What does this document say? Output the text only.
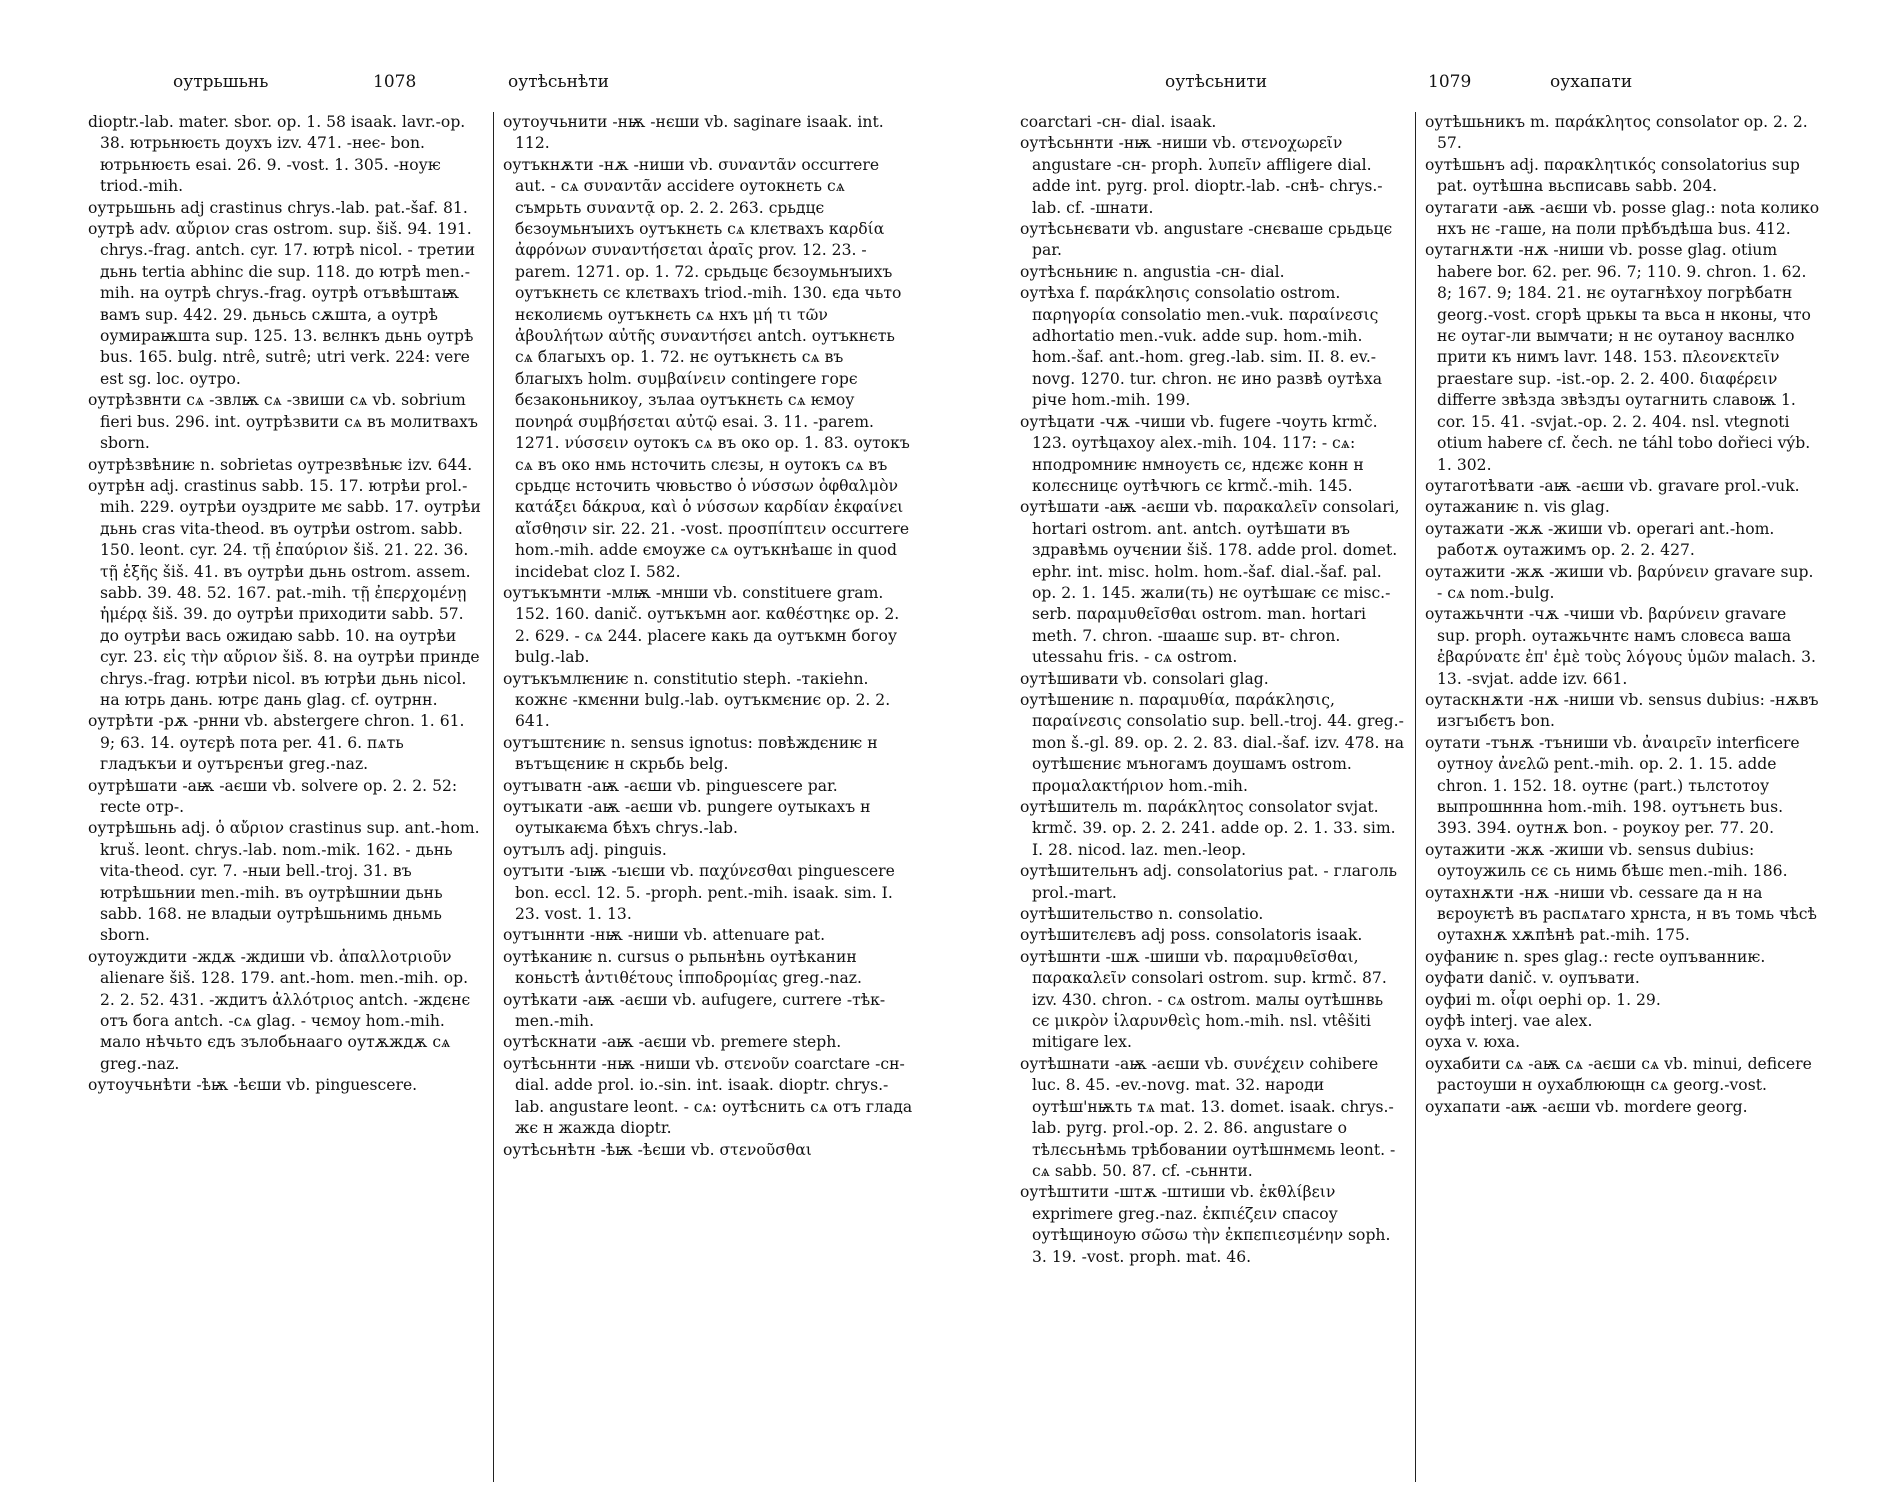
оутрьшьнь	1078	оутѣсьнѣти

dioptr.-lab. mater. sbor. op. 1. 58 isaak. lavr.-op. 38. ютрьнюєть доухъ izv. 471. -неє- bon. ютрьнюєть esai. 26. 9. -vost. 1. 305. -ноуѥ triod.-mih.

оутрьшьнь adj crastinus chrys.-lab. pat.-šaf. 81.

оутрѣ adv. αὔριον cras ostrom. sup. šiš. 94. 191. chrys.-frag. antch. cyr. 17. ютрѣ nicol. - третии дьнь tertia abhinc die sup. 118. до ютрѣ men.-mih. на оутрѣ chrys.-frag. оутрѣ отъвѣштаѭ вамъ sup. 442. 29. дьньсь сѫшта, а оутрѣ оумираѭшта sup. 125. 13. вєлнкъ дьнь оутрѣ bus. 165. bulg. ntrê, sutrê; utri verk. 224: vere est sg. loc. оутро.

оутрѣзвнти сѧ -звлѭ сѧ -звиши сѧ vb. sobrium fieri bus. 296. int. оутрѣзвити сѧ въ молитвахъ sborn.

оутрѣзвѣниѥ n. sobrietas оутрезвѣньѥ izv. 644.

оутрѣн adj. crastinus sabb. 15. 17. ютрѣи prol.-mih. 229. оутрѣи оуздрите мє sabb. 17. оутрѣи дьнь cras vita-theod. въ оутрѣи ostrom. sabb. 150. leont. cyr. 24. τῇ ἐπαύριον šiš. 21. 22. 36. τῇ ἑξῆς šiš. 41. въ оутрѣи дьнь ostrom. assem. sabb. 39. 48. 52. 167. pat.-mih. τῇ ἐπερχομένῃ ἡμέρᾳ šiš. 39. до оутрѣи приходити sabb. 57. до оутрѣи вась ожидаю sabb. 10. на оутрѣи cyr. 23. εἰς τὴν αὔριον šiš. 8. на оутрѣи принде chrys.-frag. ютрѣи nicol. въ ютрѣи дьнь nicol. на ютрь дань. ютрє дань glag. cf. оутрнн.

оутрѣти -рѫ -рнни vb. abstergere chron. 1. 61. 9; 63. 14. оутєрѣ пота per. 41. 6. пѧть гладъкъи и оутърєнъи greg.-naz.

оутрѣшати -аѭ -аєши vb. solvere op. 2. 2. 52: recte отр-.

оутрѣшьнь adj. ὁ αὔριον crastinus sup. ant.-hom. kruš. leont. chrys.-lab. nom.-mik. 162. - дьнь vita-theod. cyr. 7. -ныи bell.-troj. 31. въ ютрѣшьнии men.-mih. въ оутрѣшнии дьнь sabb. 168. не владыи оутрѣшьнимь дньмь sborn.

оутоуждити -ждѫ -ждиши vb. ἀπαλλοτριοῦν alienare šiš. 128. 179. ant.-hom. men.-mih. op. 2. 2. 52. 431. -ждитъ ἀλλότριος antch. -ждєнє отъ бога antch. -сѧ glag. - чємоу hom.-mih. мало нѣчьто єдъ зълобьнааго оутѫждѫ сѧ greg.-naz.

оутоучьнѣти -ѣѭ -ѣєши vb. pinguescere.

оутоучьнити -нѭ -нєши vb. saginare isaak. int. 112.

оутъкнѫти -нѫ -ниши vb. συναντᾶν occurrere aut. - сѧ συναντᾶν accidere оутокнєть сѧ съмрьть συναντᾷ op. 2. 2. 263. срьдцє бєзоумьнꙑихъ оутъкнєть сѧ клєтвахъ καρδία ἀφρόνων συναντήσεται ἀραῖς prov. 12. 23. -parem. 1271. op. 1. 72. срьдьцє бєзоумьнꙑихъ оутъкнєть сє клєтвахъ triod.-mih. 130. єда чьто нєколиємь оутъкнєть сѧ нхъ μή τι τῶν ἀβουλήτων αὐτῆς συναντήσει antch. оутъкнєть сѧ благыхъ op. 1. 72. нє оутъкнєть сѧ въ благыхъ holm. συμβαίνειν contingere горє бєзаконьникоу, зълаа оутъкнєть сѧ ѥмоу πονηρά συμβήσεται αὐτῷ esai. 3. 11. -parem. 1271. νύσσειν оутокъ сѧ въ око op. 1. 83. оутокъ сѧ въ око нмь нсточить слєзы, н оутокъ сѧ въ срьдцє нсточить чювьство ὁ νύσσων ὀφθαλμὸν κατάξει δάκρυα, καὶ ὁ νύσσων καρδίαν ἐκφαίνει αἴσθησιν sir. 22. 21. -vost. προσπίπτειν occurrere hom.-mih. adde ємоуже сѧ оутъкнѣашє in quod incidebat cloz I. 582.

оутъкъмнти -млѭ -мнши vb. constituere gram. 152. 160. danič. оутъкъмн aor. καθέστηκε op. 2. 2. 629. - сѧ 244. placere какь да оутъкмн богоу bulg.-lab.

оутъкъмлѥниѥ n. constitutio steph. -такіеhn. кожнє -кмєнни bulg.-lab. оутъкмєниє op. 2. 2. 641.

оутъштєниѥ n. sensus ignotus: повѣждєниѥ н вътъщєниѥ н скрьбь belg.

оутъıватн -аѭ -аєши vb. pinguescere par.

оутъıкати -аѭ -аєши vb. pungere оутыкахъ н оутыкаѥма бѣхъ chrys.-lab.

оутъıлъ adj. pinguis.

оутъıти -ъıѭ -ъıєши vb. παχύνεσθαι pinguescere bon. eccl. 12. 5. -proph. pent.-mih. isaak. sim. I. 23. vost. 1. 13.

оутъıннти -нѭ -ниши vb. attenuare pat.

оутѣканиѥ n. cursus о рьпьнѣнь оутѣканин коньстѣ ἀντιθέτους ἱπποδρομίας greg.-naz.

оутѣкати -аѭ -аєши vb. aufugere, currere -тѣк- men.-mih.

оутѣскнати -аѭ -аєши vb. premere steph.

оутѣсьннти -нѭ -ниши vb. στενοῦν coarctare -сн- dial. adde prol. io.-sin. int. isaak. dioptr. chrys.-lab. angustare leont. - сѧ: оутѣснить сѧ отъ глада жє н жажда dioptr.

оутѣсьнѣтн -ѣѭ -ѣєши vb. στενοῦσθαι

оутѣсьнити	1079	оухапати

coarctari -сн- dial. isaak.

оутѣсьннти -нѭ -ниши vb. στενοχωρεῖν angustare -сн- proph. λυπεῖν affligere dial. adde int. pyrg. prol. dioptr.-lab. -снѣ- chrys.-lab. cf. -шнати.

оутѣсьнєвати vb. angustare -снєваше срьдьцє par.

оутѣсньниѥ n. angustia -сн- dial.

оутѣха f. παράκλησις consolatio ostrom. παρηγορία consolatio men.-vuk. παραίνεσις adhortatio men.-vuk. adde sup. hom.-mih. hom.-šaf. ant.-hom. greg.-lab. sim. II. 8. ev.-novg. 1270. tur. chron. нє ино развѣ оутѣха річе hom.-mih. 199.

оутѣцати -чѫ -чиши vb. fugere -чоуть krmč. 123. оутѣцахоу alex.-mih. 104. 117: - сѧ: нподромниѥ нмноуєть сє, ндєжє конн н колєсницє оутѣчюгь сє krmč.-mih. 145.

оутѣшати -аѭ -аєши vb. παρακαλεῖν consolari, hortari ostrom. ant. antch. оутѣшати въ здравѣмь оучєнии šiš. 178. adde prol. domet. ephr. int. misc. holm. hom.-šaf. dial.-šaf. pal. op. 2. 1. 145. жали(ть) нє оутѣшаѥ сє misc.-serb. παραμυθεῖσθαι ostrom. man. hortari meth. 7. chron. -шаашє sup. вт- chron. utessahu fris. - сѧ ostrom.

оутѣшивати vb. consolari glag.

оутѣшениѥ n. παραμυθία, παράκλησις, παραίνεσις consolatio sup. bell.-troj. 44. greg.-mon š.-gl. 89. op. 2. 2. 83. dial.-šaf. izv. 478. на оутѣшєниє мъногамъ доушамъ ostrom. προμαλακτήριον hom.-mih.

оутѣшитель m. παράκλητος consolator svjat. krmč. 39. op. 2. 2. 241. adde op. 2. 1. 33. sim. I. 28. nicod. laz. men.-leop.

оутѣшительнъ adj. consolatorius pat. - глаголь prol.-mart.

оутѣшительство n. consolatio.

оутѣшитєлєвъ adj poss. consolatoris isaak.

оутѣшнти -шѫ -шиши vb. παραμυθεῖσθαι, παρακαλεῖν consolari ostrom. sup. krmč. 87. izv. 430. chron. - сѧ ostrom. малы оутѣшнвь сє μικρὸν ἱλαρυνθεὶς hom.-mih. nsl. vtêšiti mitigare lex.

оутѣшнати -аѭ -аєши vb. συνέχειν cohibere luc. 8. 45. -ev.-novg. mat. 32. народи оутѣш'нѭть тѧ mat. 13. domet. isaak. chrys.-lab. pyrg. prol.-op. 2. 2. 86. angustare о тѣлєсьнѣмь трѣбовании оутѣшнмємь leont. - сѧ sabb. 50. 87. cf. -сьннти.

оутѣштити -штѫ -штиши vb. ἐκθλίβειν exprimere greg.-naz. ἐκπιέζειν спасоу оутѣщиноую σῶσω τὴν ἐκπεπιεσμένην soph. 3. 19. -vost. proph. mat. 46.

оутѣшьникъ m. παράκλητος consolator op. 2. 2. 57.

оутѣшьнъ adj. παρακλητικός consolatorius sup pat. оутѣшна вьсписавь sabb. 204.

оутагати -аѭ -аєши vb. posse glag.: nota колико нхъ нє -гаше, на поли прѣбъдѣша bus. 412.

оутагнѫти -нѫ -ниши vb. posse glag. otium habere bor. 62. per. 96. 7; 110. 9. chron. 1. 62. 8; 167. 9; 184. 21. нє оутагнѣхоу погрѣбатн georg.-vost. сгорѣ црькы та вьса н нконы, что нє оутаг-ли вымчати; н нє оутаноу васнлко прити къ нимъ lavr. 148. 153. πλεονεκτεῖν praestare sup. -ist.-op. 2. 2. 400. διαφέρειν differre звѣзда звѣздъı оутагнить славоѭ 1. cor. 15. 41. -svjat.-op. 2. 2. 404. nsl. vtegnoti otium habere cf. čech. ne táhl tobo dořieci výb. 1. 302.

оутаготѣвати -аѭ -аєши vb. gravare prol.-vuk.

оутажаниѥ n. vis glag.

оутажати -жѫ -жиши vb. operari ant.-hom. работѫ оутажимъ op. 2. 2. 427.

оутажити -жѫ -жиши vb. βαρύνειν gravare sup. - сѧ nom.-bulg.

оутажьчнти -чѫ -чиши vb. βαρύνειν gravare sup. proph. оутажьчнтє намъ словєса ваша ἐβαρύνατε ἐπ' ἐμὲ τοὺς λόγους ὑμῶν malach. 3. 13. -svjat. adde izv. 661.

оутаскнѫти -нѫ -ниши vb. sensus dubius: -нѫвъ изгъıбєтъ bon.

оутати -тънѫ -тъниши vb. ἀναιρεῖν interficere оутноу ἀνελῶ pent.-mih. oр. 2. 1. 15. adde chron. 1. 152. 18. оутнє (part.) тьлстотоу выпрошннна hom.-mih. 198. оутънєть bus. 393. 394. оутнѫ bon. - роукоу per. 77. 20.

оутажити -жѫ -жиши vb. sensus dubius: оутоужиль сє сь нимь бѣшє men.-mih. 186.

оутахнѫти -нѫ -ниши vb. cessare да н на вєроуѥтѣ въ распѧтаго хрнста, н въ томь чѣсѣ оутахнѫ хѫпѣнѣ pat.-mih. 175.

оуфаниѥ n. spes glag.: recte оупъванниѥ.

оуфати danič. v. оупъвати.

оуфиі m. οἶφι oephi op. 1. 29.

оуфѣ interj. vae alex.

оуха v. юха.

оухабити сѧ -аѭ сѧ -аєши сѧ vb. minui, deficere растоуши н оухаблюющн сѧ georg.-vost.

оухапати -аѭ -аєши vb. mordere georg.
